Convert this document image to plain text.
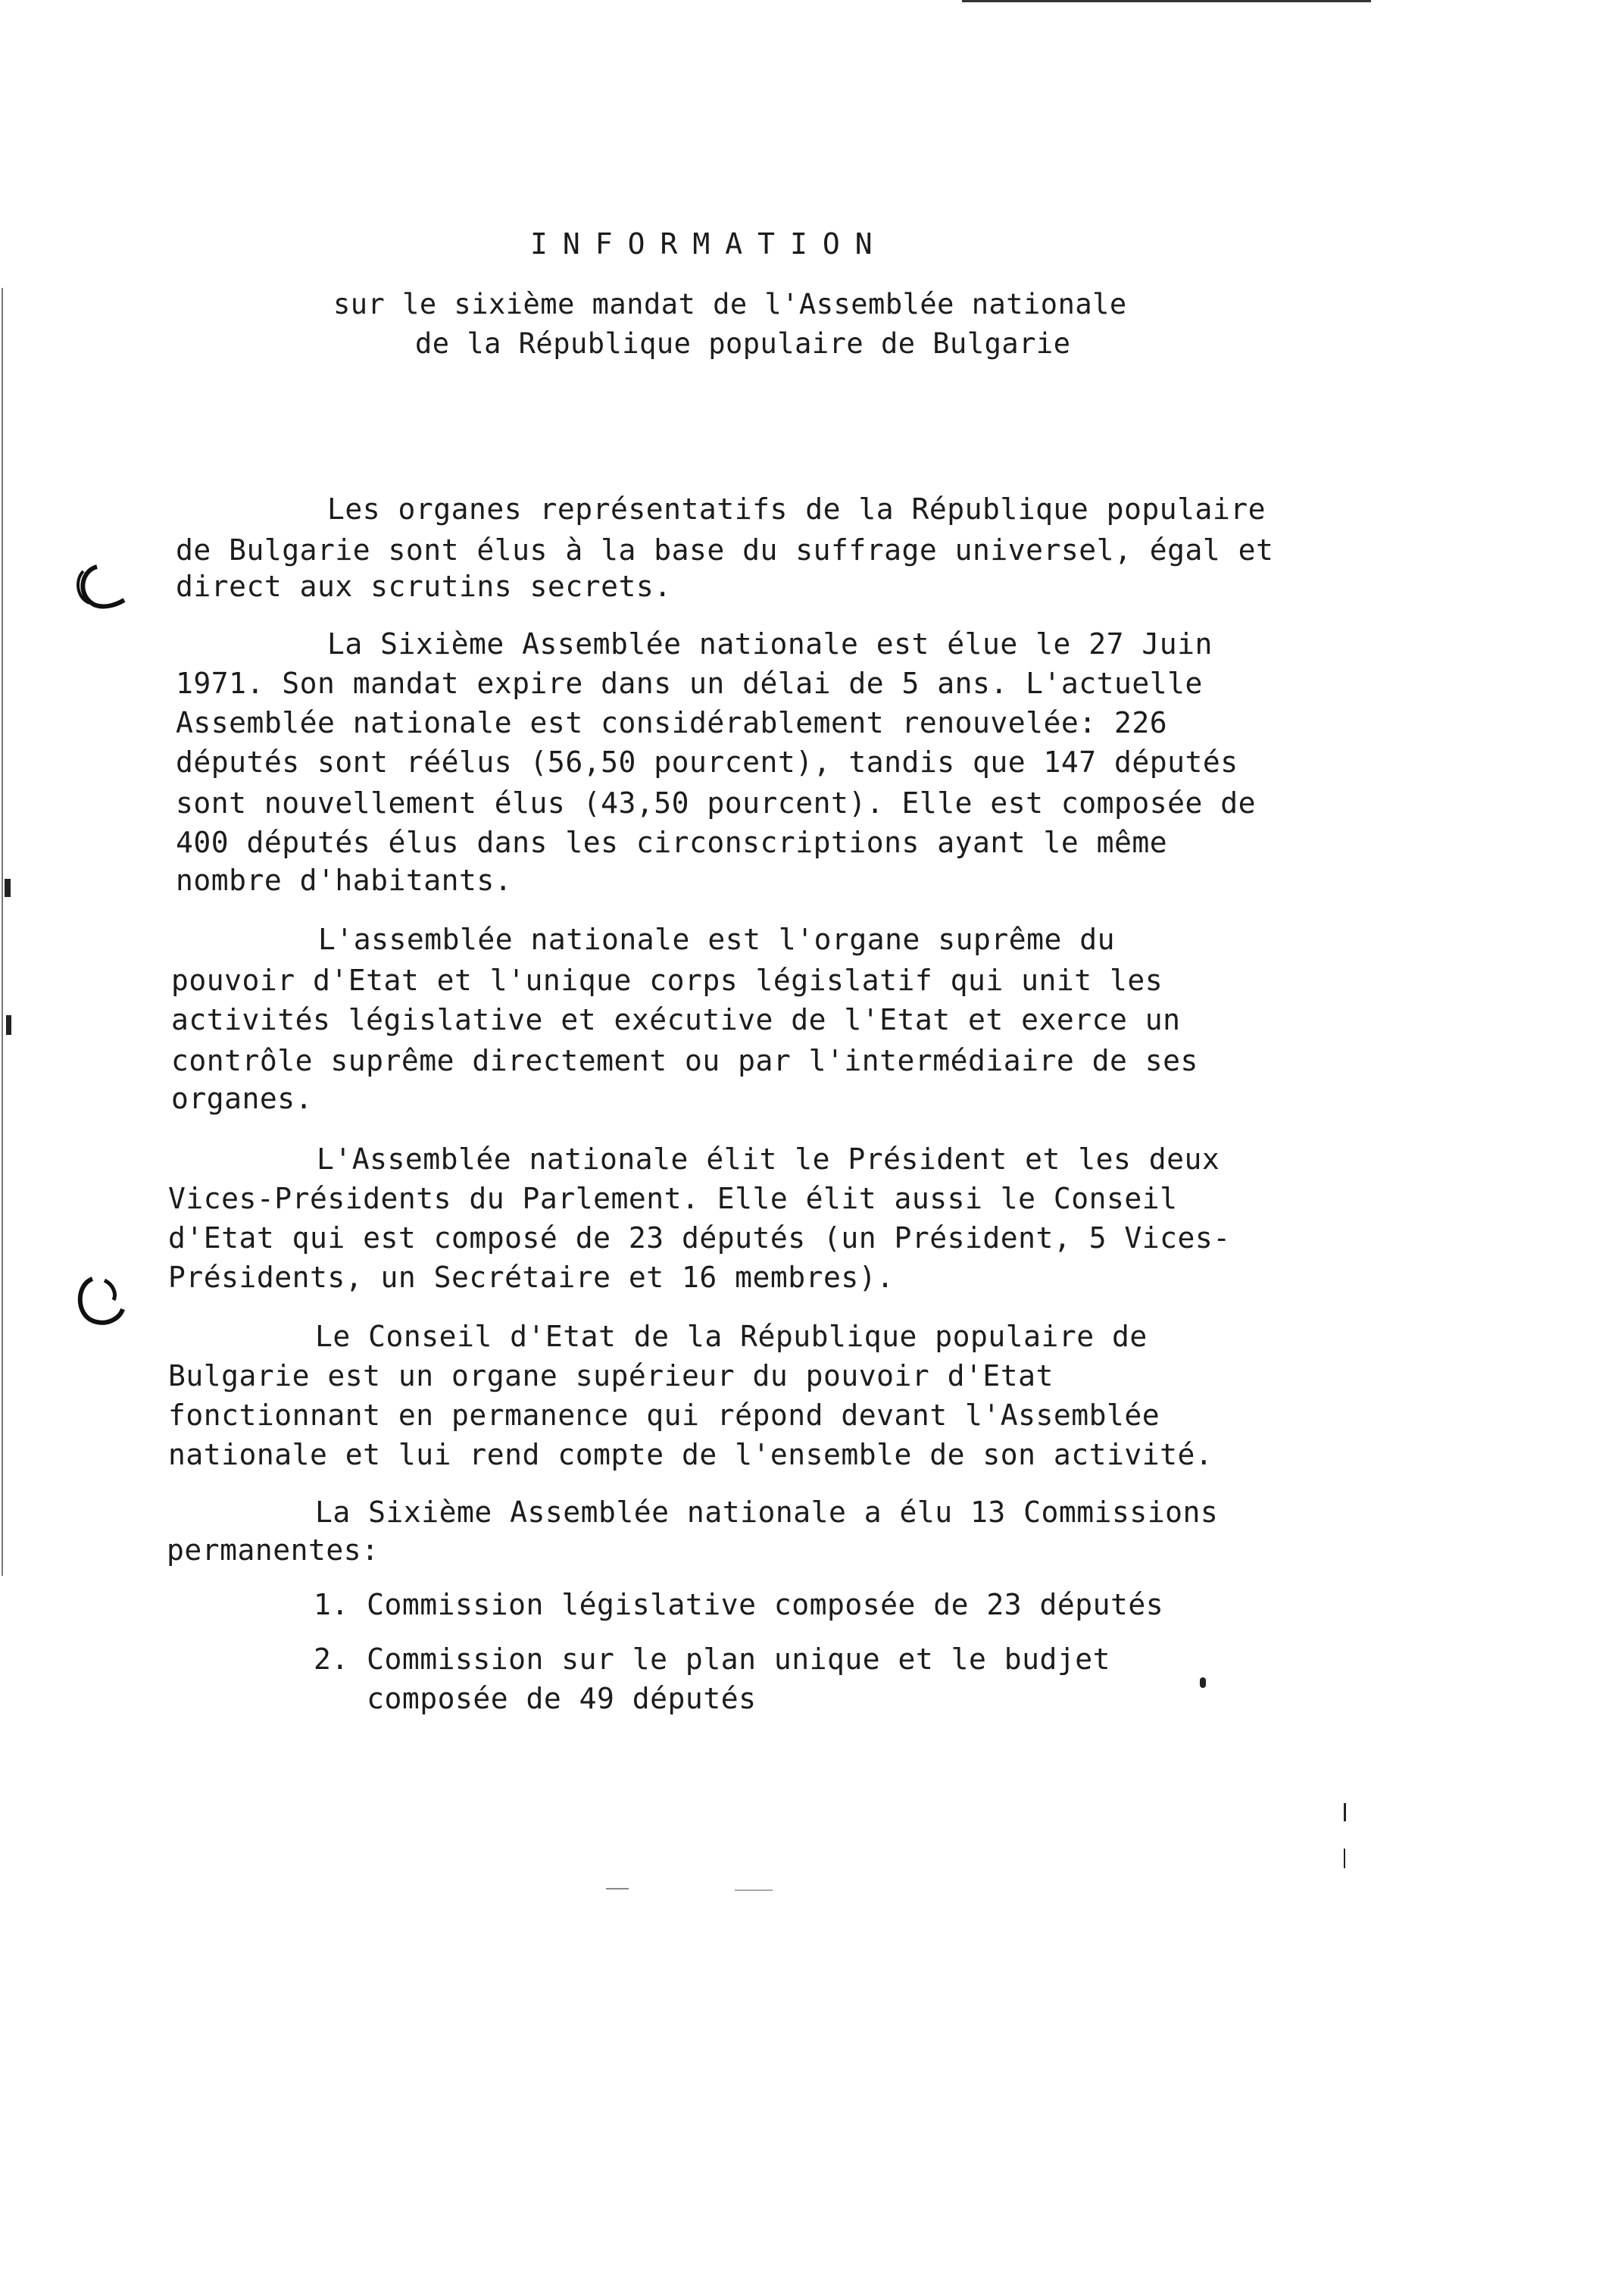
INFORMATION
sur le sixième mandat de l'Assemblée nationale
de la République populaire de Bulgarie
Les organes représentatifs de la République populaire
de Bulgarie sont élus à la base du suffrage universel, égal et
direct aux scrutins secrets.
La Sixième Assemblée nationale est élue le 27 Juin
1971. Son mandat expire dans un délai de 5 ans. L'actuelle
Assemblée nationale est considérablement renouvelée: 226
députés sont réélus (56,50 pourcent), tandis que 147 députés
sont nouvellement élus (43,50 pourcent). Elle est composée de
400 députés élus dans les circonscriptions ayant le même
nombre d'habitants.
L'assemblée nationale est l'organe suprême du
pouvoir d'Etat et l'unique corps législatif qui unit les
activités législative et exécutive de l'Etat et exerce un
contrôle suprême directement ou par l'intermédiaire de ses
organes.
L'Assemblée nationale élit le Président et les deux
Vices-Présidents du Parlement. Elle élit aussi le Conseil
d'Etat qui est composé de 23 députés (un Président, 5 Vices-
Présidents, un Secrétaire et 16 membres).
Le Conseil d'Etat de la République populaire de
Bulgarie est un organe supérieur du pouvoir d'Etat
fonctionnant en permanence qui répond devant l'Assemblée
nationale et lui rend compte de l'ensemble de son activité.
La Sixième Assemblée nationale a élu 13 Commissions
permanentes:
1. Commission législative composée de 23 députés
2. Commission sur le plan unique et le budjet
composée de 49 députés
